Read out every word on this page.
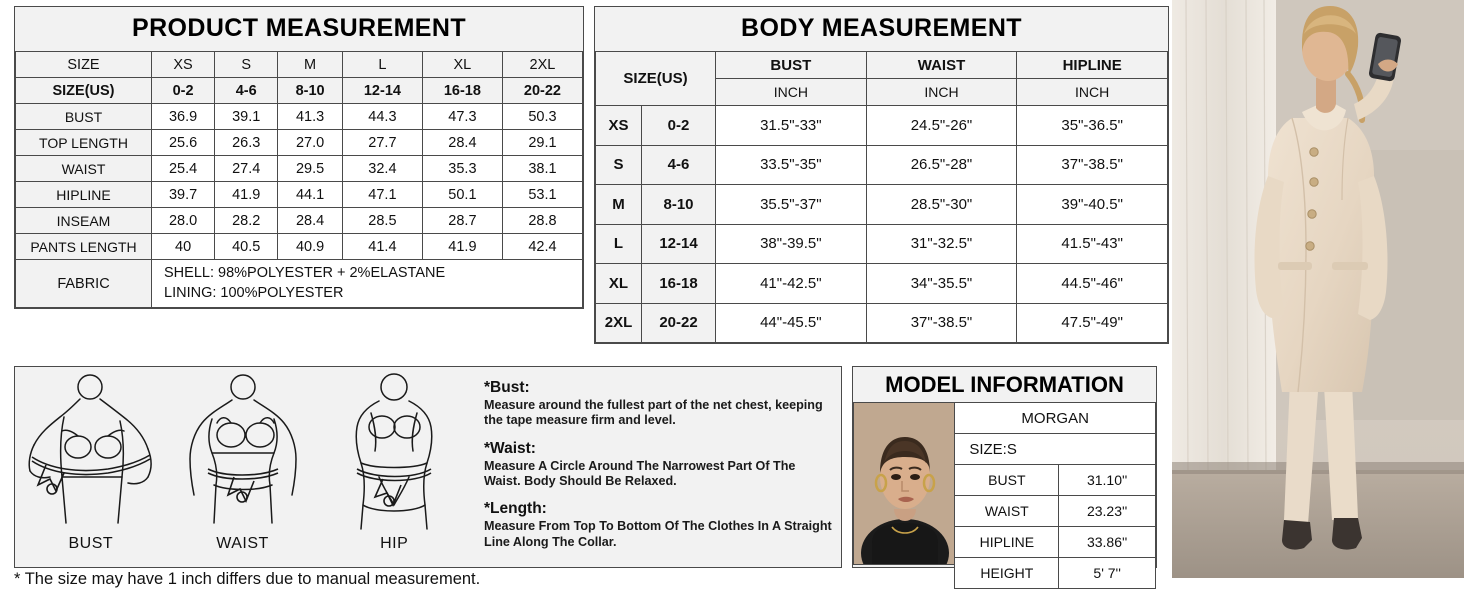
PRODUCT MEASUREMENT
SIZE	XS	S	M	L	XL	2XL
SIZE(US)	0-2	4-6	8-10	12-14	16-18	20-22
BUST	36.9	39.1	41.3	44.3	47.3	50.3
TOP LENGTH	25.6	26.3	27.0	27.7	28.4	29.1
WAIST	25.4	27.4	29.5	32.4	35.3	38.1
HIPLINE	39.7	41.9	44.1	47.1	50.1	53.1
INSEAM	28.0	28.2	28.4	28.5	28.7	28.8
PANTS LENGTH	40	40.5	40.9	41.4	41.9	42.4
FABRIC	SHELL: 98%POLYESTER + 2%ELASTANE
LINING: 100%POLYESTER					
BODY MEASUREMENT
SIZE(US)		BUST	WAIST	HIPLINE
		INCH	INCH	INCH
XS	0-2	31.5"-33"	24.5"-26"	35"-36.5"
S	4-6	33.5"-35"	26.5"-28"	37"-38.5"
M	8-10	35.5"-37"	28.5"-30"	39"-40.5"
L	12-14	38"-39.5"	31"-32.5"	41.5"-43"
XL	16-18	41"-42.5"	34"-35.5"	44.5"-46"
2XL	20-22	44"-45.5"	37"-38.5"	47.5"-49"
BUST	WAIST	HIP

*Bust:

Measure around the fullest part of the net chest, keeping the tape measure firm and level.

*Waist:

Measure A Circle Around The Narrowest Part Of The Waist. Body Should Be Relaxed.

*Length:

Measure From Top To Bottom Of The Clothes In A Straight Line Along The Collar.

MODEL INFORMATION
MORGAN	
SIZE:S	
BUST	31.10''
WAIST	23.23''
HIPLINE	33.86''
HEIGHT	5' 7''
* The size may have 1 inch differs due to manual measurement.
